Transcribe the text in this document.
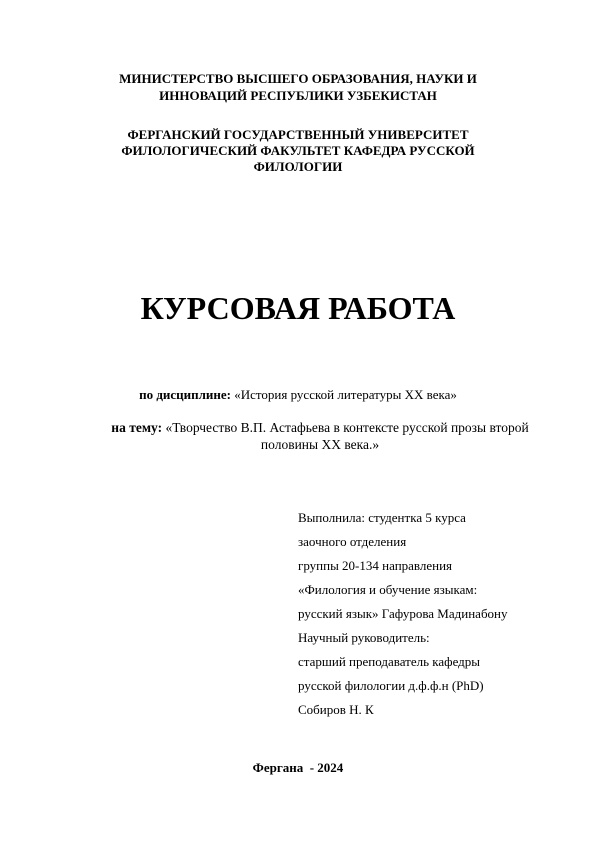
МИНИСТЕРСТВО ВЫСШЕГО ОБРАЗОВАНИЯ, НАУКИ И
ИННОВАЦИЙ РЕСПУБЛИКИ УЗБЕКИСТАН
ФЕРГАНСКИЙ ГОСУДАРСТВЕННЫЙ УНИВЕРСИТЕТ
ФИЛОЛОГИЧЕСКИЙ ФАКУЛЬТЕТ КАФЕДРА РУССКОЙ
ФИЛОЛОГИИ
КУРСОВАЯ РАБОТА
по дисциплине: «История русской литературы XX века»
на тему: «Творчество В.П. Астафьева в контексте русской прозы второй половины XX века.»
Выполнила: студентка 5 курса
заочного отделения
группы 20-134 направления
«Филология и обучение языкам:
русский язык» Гафурова Мадинабону
Научный руководитель:
старший преподаватель кафедры
русской филологии д.ф.ф.н (PhD)
Собиров Н. К
Фергана  - 2024
